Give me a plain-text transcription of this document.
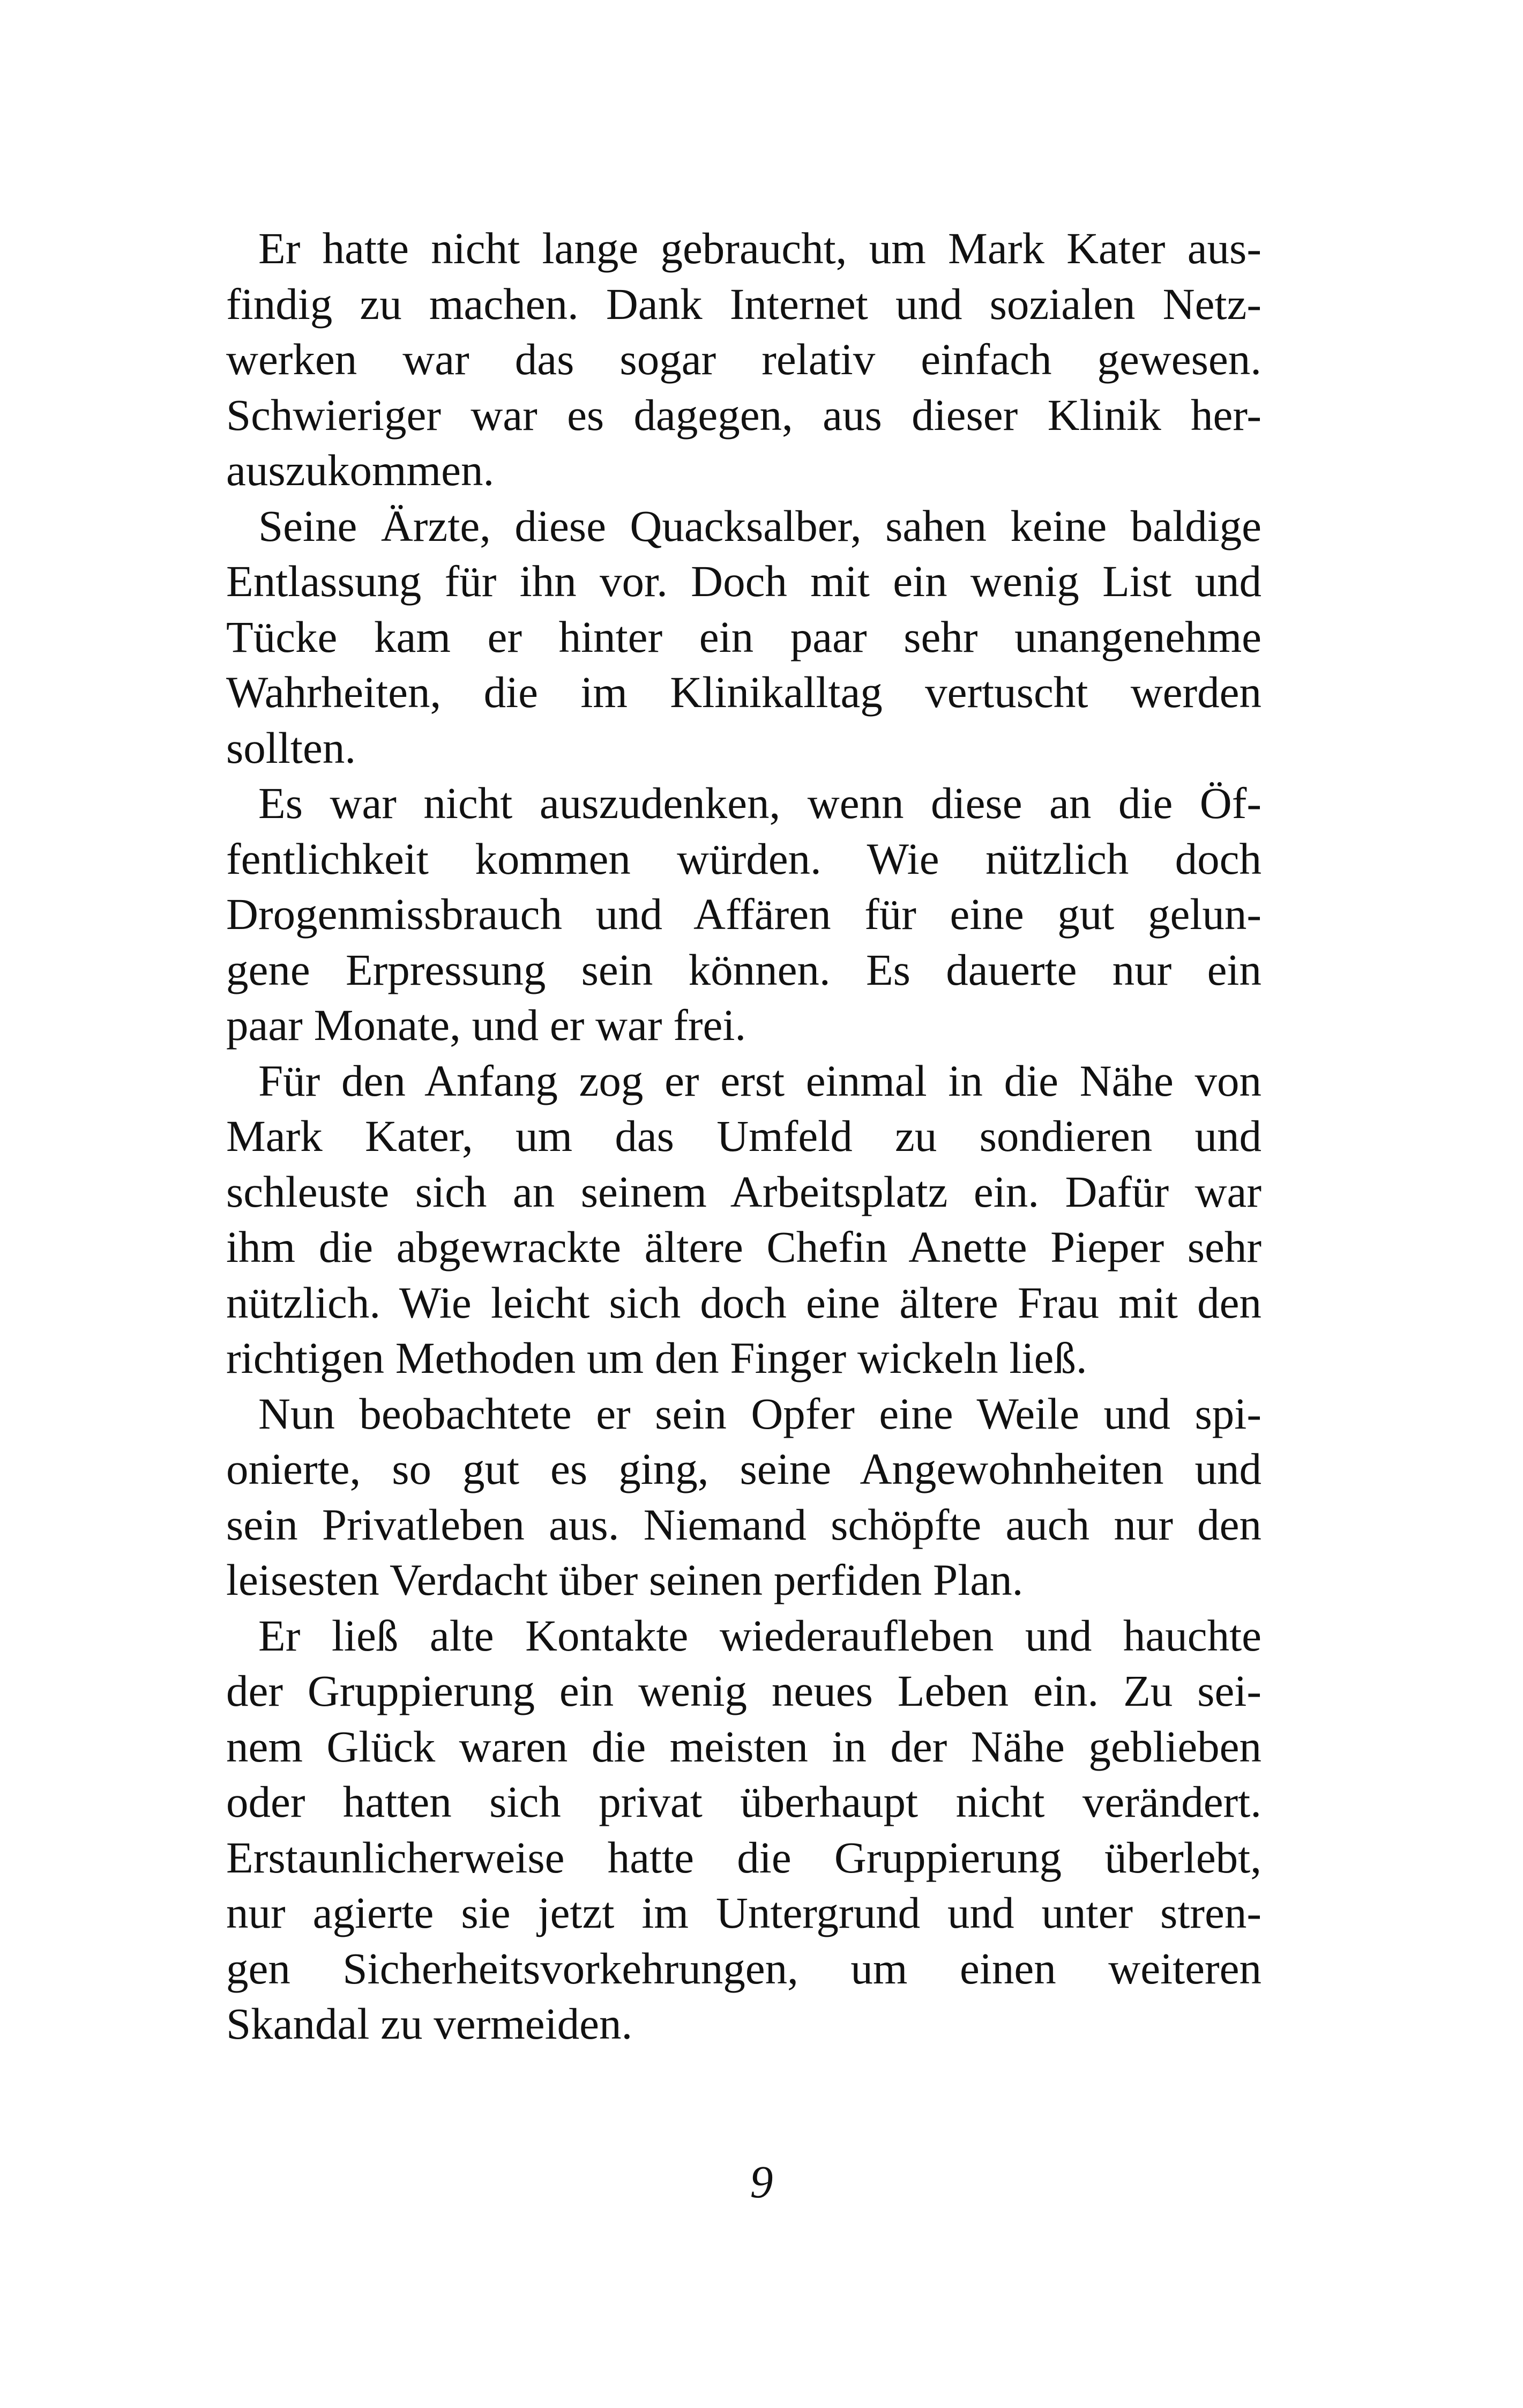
Er hatte nicht lange gebraucht, um Mark Kater aus-
findig zu machen. Dank Internet und sozialen Netz-
werken war das sogar relativ einfach gewesen.
Schwieriger war es dagegen, aus dieser Klinik her-
auszukommen.
Seine Ärzte, diese Quacksalber, sahen keine baldige
Entlassung für ihn vor. Doch mit ein wenig List und
Tücke kam er hinter ein paar sehr unangenehme
Wahrheiten, die im Klinikalltag vertuscht werden
sollten.
Es war nicht auszudenken, wenn diese an die Öf-
fentlichkeit kommen würden. Wie nützlich doch
Drogenmissbrauch und Affären für eine gut gelun-
gene Erpressung sein können. Es dauerte nur ein
paar Monate, und er war frei.
Für den Anfang zog er erst einmal in die Nähe von
Mark Kater, um das Umfeld zu sondieren und
schleuste sich an seinem Arbeitsplatz ein. Dafür war
ihm die abgewrackte ältere Chefin Anette Pieper sehr
nützlich. Wie leicht sich doch eine ältere Frau mit den
richtigen Methoden um den Finger wickeln ließ.
Nun beobachtete er sein Opfer eine Weile und spi-
onierte, so gut es ging, seine Angewohnheiten und
sein Privatleben aus. Niemand schöpfte auch nur den
leisesten Verdacht über seinen perfiden Plan.
Er ließ alte Kontakte wiederaufleben und hauchte
der Gruppierung ein wenig neues Leben ein. Zu sei-
nem Glück waren die meisten in der Nähe geblieben
oder hatten sich privat überhaupt nicht verändert.
Erstaunlicherweise hatte die Gruppierung überlebt,
nur agierte sie jetzt im Untergrund und unter stren-
gen Sicherheitsvorkehrungen, um einen weiteren
Skandal zu vermeiden.
9
